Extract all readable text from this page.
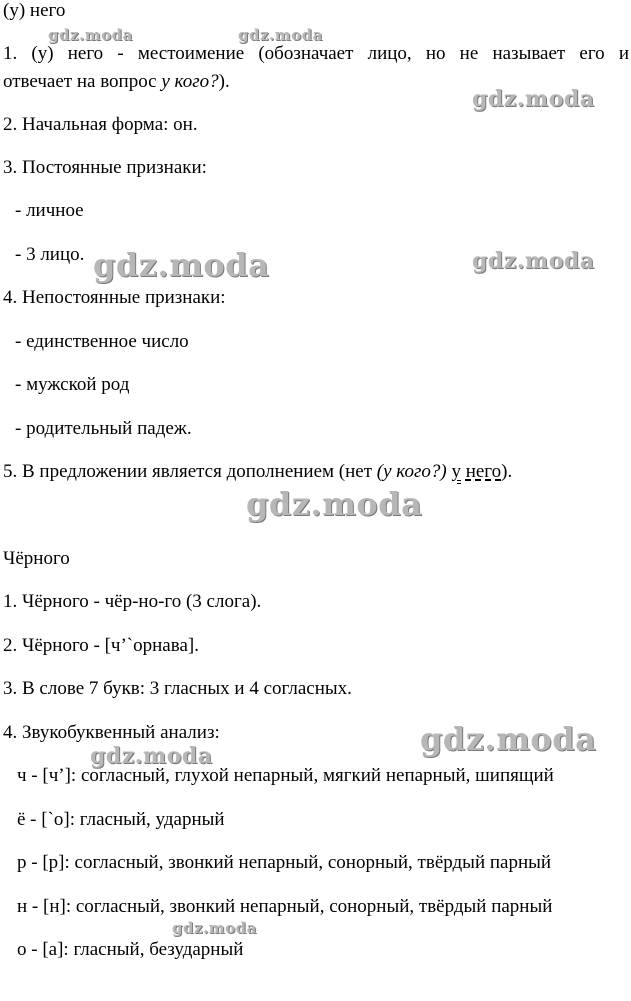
(у) него
1. (у) него - местоимение (обозначает лицо, но не называет его и
отвечает на вопрос у кого?).
2. Начальная форма: он.
3. Постоянные признаки:
- личное
- 3 лицо.
4. Непостоянные признаки:
- единственное число
- мужской род
- родительный падеж.
5. В предложении является дополнением (нет (у кого?) у него).
Чёрного
1. Чёрного - чёр-но-го (3 слога).
2. Чёрного - [ч’`орнава].
3. В слове 7 букв: 3 гласных и 4 согласных.
4. Звукобуквенный анализ:
ч - [ч’]: согласный, глухой непарный, мягкий непарный, шипящий
ё - [`о]: гласный, ударный
р - [р]: согласный, звонкий непарный, сонорный, твёрдый парный
н - [н]: согласный, звонкий непарный, сонорный, твёрдый парный
о - [а]: гласный, безударный
gdz.moda	gdz.moda
gdz.moda
gdz.moda	gdz.moda
gdz.moda
gdz.moda
gdz.moda
gdz.moda
